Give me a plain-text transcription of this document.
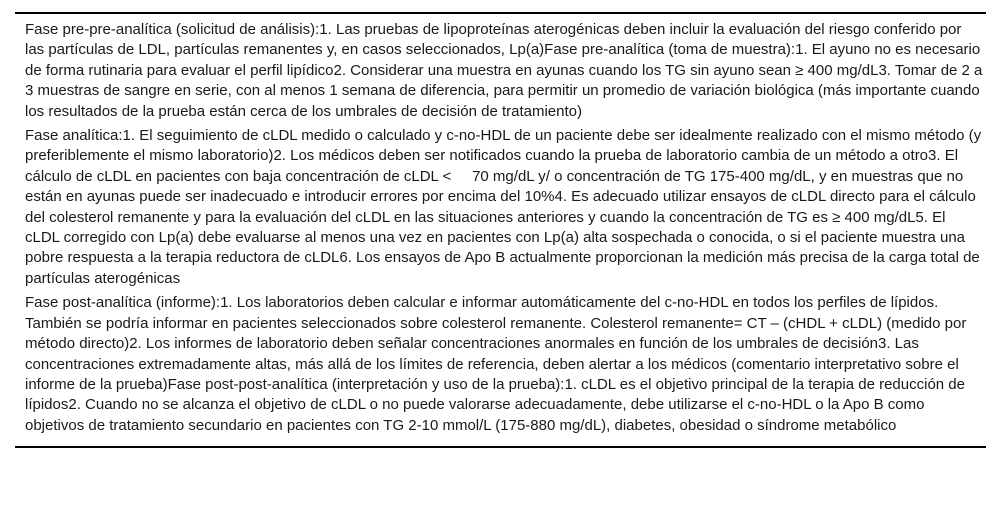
Fase pre-pre-analítica (solicitud de análisis):1. Las pruebas de lipoproteínas aterogénicas deben incluir la evaluación del riesgo conferido por las partículas de LDL, partículas remanentes y, en casos seleccionados, Lp(a)Fase pre-analítica (toma de muestra):1. El ayuno no es necesario de forma rutinaria para evaluar el perfil lipídico2. Considerar una muestra en ayunas cuando los TG sin ayuno sean ≥ 400 mg/dL3. Tomar de 2 a 3 muestras de sangre en serie, con al menos 1 semana de diferencia, para permitir un promedio de variación biológica (más importante cuando los resultados de la prueba están cerca de los umbrales de decisión de tratamiento)

Fase analítica:1. El seguimiento de cLDL medido o calculado y c-no-HDL de un paciente debe ser idealmente realizado con el mismo método (y preferiblemente el mismo laboratorio)2. Los médicos deben ser notificados cuando la prueba de laboratorio cambia de un método a otro3. El cálculo de cLDL en pacientes con baja concentración de cLDL <     70 mg/dL y/ o concentración de TG 175-400 mg/dL, y en muestras que no están en ayunas puede ser inadecuado e introducir errores por encima del 10%4. Es adecuado utilizar ensayos de cLDL directo para el cálculo del colesterol remanente y para la evaluación del cLDL en las situaciones anteriores y cuando la concentración de TG es ≥ 400 mg/dL5. El cLDL corregido con Lp(a) debe evaluarse al menos una vez en pacientes con Lp(a) alta sospechada o conocida, o si el paciente muestra una pobre respuesta a la terapia reductora de cLDL6. Los ensayos de Apo B actualmente proporcionan la medición más precisa de la carga total de partículas aterogénicas

Fase post-analítica (informe):1. Los laboratorios deben calcular e informar automáticamente del c-no-HDL en todos los perfiles de lípidos. También se podría informar en pacientes seleccionados sobre colesterol remanente. Colesterol remanente= CT – (cHDL + cLDL) (medido por método directo)2. Los informes de laboratorio deben señalar concentraciones anormales en función de los umbrales de decisión3. Las concentraciones extremadamente altas, más allá de los límites de referencia, deben alertar a los médicos (comentario interpretativo sobre el informe de la prueba)Fase post-post-analítica (interpretación y uso de la prueba):1. cLDL es el objetivo principal de la terapia de reducción de lípidos2. Cuando no se alcanza el objetivo de cLDL o no puede valorarse adecuadamente, debe utilizarse el c-no-HDL o la Apo B como objetivos de tratamiento secundario en pacientes con TG 2-10 mmol/L (175-880 mg/dL), diabetes, obesidad o síndrome metabólico
